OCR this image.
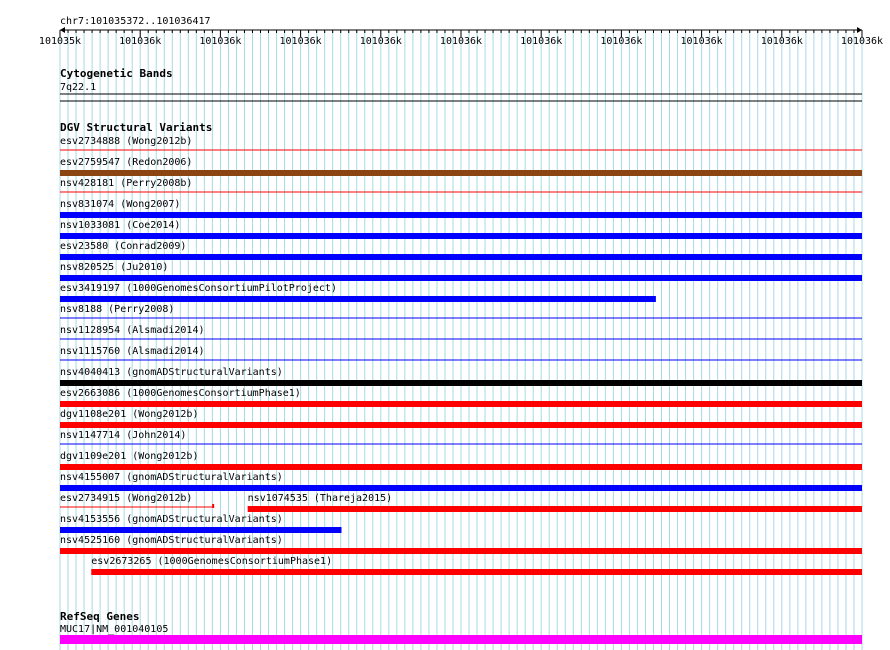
chr7:101035372..101036417
101035k	101036k	101036k	101036k	101036k	101036k	101036k	101036k	101036k	101036k	101036k
Cytogenetic Bands
7q22.1
DGV Structural Variants
esv2734888 (Wong2012b)
esv2759547 (Redon2006)
nsv428181 (Perry2008b)
nsv831074 (Wong2007)
nsv1033081 (Coe2014)
esv23580 (Conrad2009)
nsv820525 (Ju2010)
esv3419197 (1000GenomesConsortiumPilotProject)
nsv8188 (Perry2008)
nsv1128954 (Alsmadi2014)
nsv1115760 (Alsmadi2014)
nsv4040413 (gnomADStructuralVariants)
esv2663086 (1000GenomesConsortiumPhase1)
dgv1108e201 (Wong2012b)
nsv1147714 (John2014)
dgv1109e201 (Wong2012b)
nsv4155007 (gnomADStructuralVariants)
esv2734915 (Wong2012b)	nsv1074535 (Thareja2015)
nsv4153556 (gnomADStructuralVariants)
nsv4525160 (gnomADStructuralVariants)
esv2673265 (1000GenomesConsortiumPhase1)
RefSeq Genes
MUC17|NM_001040105
